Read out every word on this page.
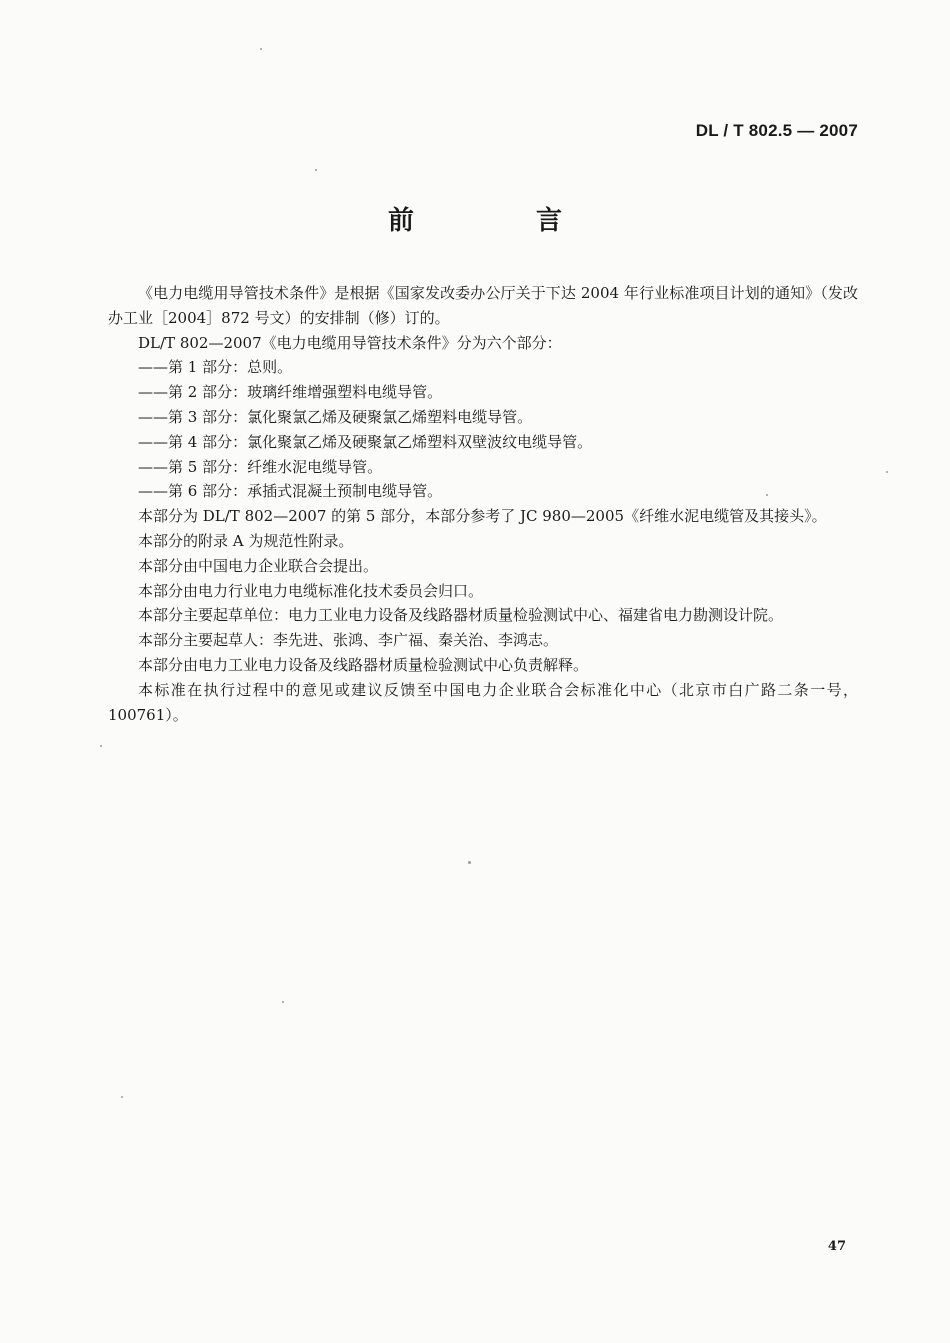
DL / T 802.5 — 2007
前　言

《电力电缆用导管技术条件》是根据《国家发改委办公厅关于下达 2004 年行业标准项目计划的通知》（发改办工业［2004］872 号文）的安排制（修）订的。

DL/T 802—2007《电力电缆用导管技术条件》分为六个部分：

——第 1 部分：总则。

——第 2 部分：玻璃纤维增强塑料电缆导管。

——第 3 部分：氯化聚氯乙烯及硬聚氯乙烯塑料电缆导管。

——第 4 部分：氯化聚氯乙烯及硬聚氯乙烯塑料双壁波纹电缆导管。

——第 5 部分：纤维水泥电缆导管。

——第 6 部分：承插式混凝土预制电缆导管。

本部分为 DL/T 802—2007 的第 5 部分，本部分参考了 JC 980—2005《纤维水泥电缆管及其接头》。

本部分的附录 A 为规范性附录。

本部分由中国电力企业联合会提出。

本部分由电力行业电力电缆标准化技术委员会归口。

本部分主要起草单位：电力工业电力设备及线路器材质量检验测试中心、福建省电力勘测设计院。

本部分主要起草人：李先进、张鸿、李广福、秦关治、李鸿志。

本部分由电力工业电力设备及线路器材质量检验测试中心负责解释。

本标准在执行过程中的意见或建议反馈至中国电力企业联合会标准化中心（北京市白广路二条一号，100761）。

47
